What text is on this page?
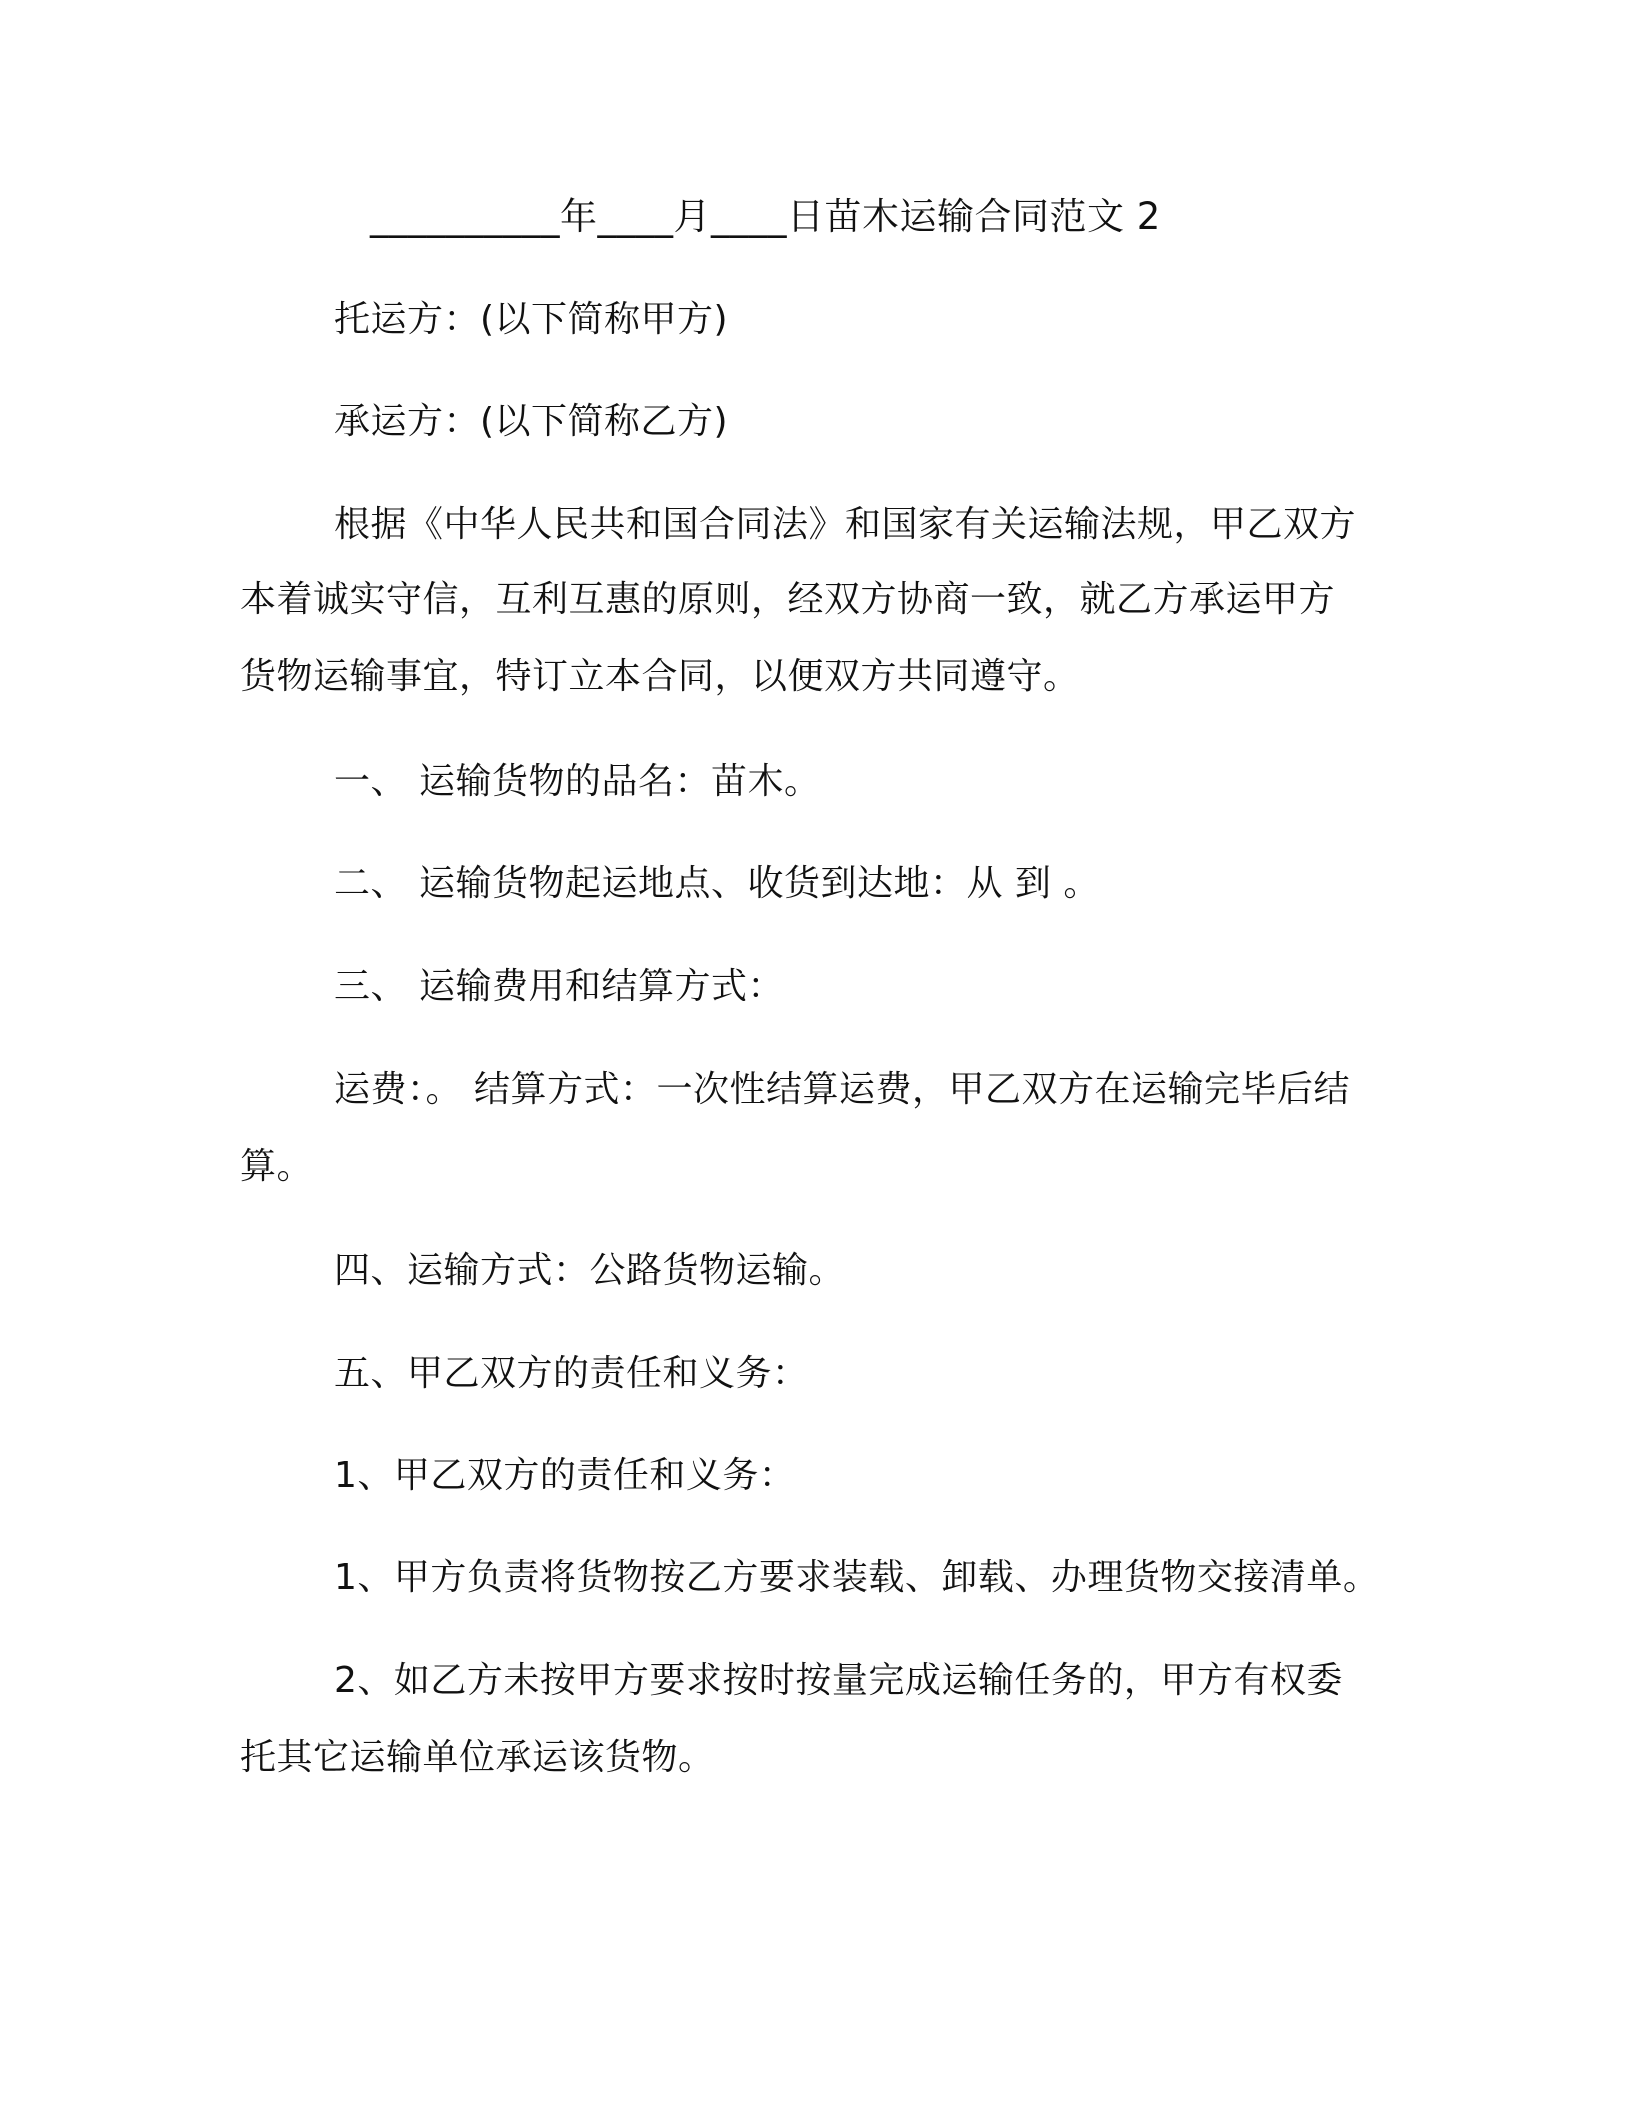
__________年____月____日苗木运输合同范文 2
托运方：(以下简称甲方)
承运方：(以下简称乙方)
根据《中华人民共和国合同法》和国家有关运输法规，甲乙双方
本着诚实守信，互利互惠的原则，经双方协商一致，就乙方承运甲方
货物运输事宜，特订立本合同，以便双方共同遵守。
一、 运输货物的品名：苗木。
二、 运输货物起运地点、收货到达地：从 到 。
三、 运输费用和结算方式：
运费：。 结算方式：一次性结算运费，甲乙双方在运输完毕后结
算。
四、运输方式：公路货物运输。
五、甲乙双方的责任和义务：
1、甲乙双方的责任和义务：
1、甲方负责将货物按乙方要求装载、卸载、办理货物交接清单。
2、如乙方未按甲方要求按时按量完成运输任务的，甲方有权委
托其它运输单位承运该货物。
